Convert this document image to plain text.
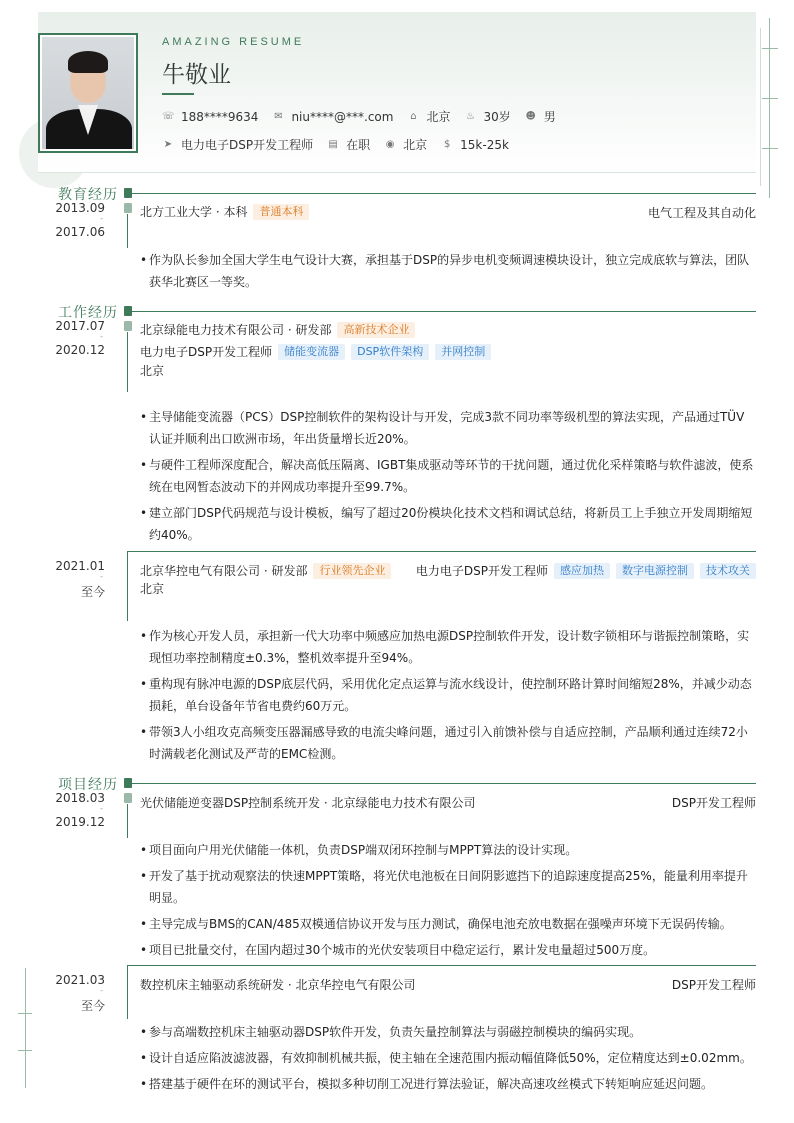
AMAZING RESUME
牛敬业
☏ 188****9634 ✉ niu****@***.com ⌂ 北京 ♨ 30岁 ☻ 男
➤ 电力电子DSP开发工程师 ▤ 在职 ◉ 北京 $ 15k-25k
教育经历
2013.09
-
2017.06
北方工业大学 · 本科	普通本科	电气工程及其自动化
• 作为队长参加全国大学生电气设计大赛，承担基于DSP的异步电机变频调速模块设计，独立完成底软与算法，团队获华北赛区一等奖。
工作经历
2017.07
-
2020.12
北京绿能电力技术有限公司 · 研发部	高新技术企业
电力电子DSP开发工程师	储能变流器	DSP软件架构	并网控制
北京
• 主导储能变流器（PCS）DSP控制软件的架构设计与开发，完成3款不同功率等级机型的算法实现，产品通过TÜV认证并顺利出口欧洲市场，年出货量增长近20%。
• 与硬件工程师深度配合，解决高低压隔离、IGBT集成驱动等环节的干扰问题，通过优化采样策略与软件滤波，使系统在电网暂态波动下的并网成功率提升至99.7%。
• 建立部门DSP代码规范与设计模板，编写了超过20份模块化技术文档和调试总结，将新员工上手独立开发周期缩短约40%。
2021.01
-
至今
北京华控电气有限公司 · 研发部	行业领先企业	电力电子DSP开发工程师	感应加热	数字电源控制	技术攻关
北京
• 作为核心开发人员，承担新一代大功率中频感应加热电源DSP控制软件开发，设计数字锁相环与谐振控制策略，实现恒功率控制精度±0.3%，整机效率提升至94%。
• 重构现有脉冲电源的DSP底层代码，采用优化定点运算与流水线设计，使控制环路计算时间缩短28%，并减少动态损耗，单台设备年节省电费约60万元。
• 带领3人小组攻克高频变压器漏感导致的电流尖峰问题，通过引入前馈补偿与自适应控制，产品顺利通过连续72小时满载老化测试及严苛的EMC检测。
项目经历
2018.03
-
2019.12
光伏储能逆变器DSP控制系统开发 · 北京绿能电力技术有限公司	DSP开发工程师
• 项目面向户用光伏储能一体机，负责DSP端双闭环控制与MPPT算法的设计实现。
• 开发了基于扰动观察法的快速MPPT策略，将光伏电池板在日间阴影遮挡下的追踪速度提高25%，能量利用率提升明显。
• 主导完成与BMS的CAN/485双模通信协议开发与压力测试，确保电池充放电数据在强噪声环境下无误码传输。
• 项目已批量交付，在国内超过30个城市的光伏安装项目中稳定运行，累计发电量超过500万度。
2021.03
-
至今
数控机床主轴驱动系统研发 · 北京华控电气有限公司	DSP开发工程师
• 参与高端数控机床主轴驱动器DSP软件开发，负责矢量控制算法与弱磁控制模块的编码实现。
• 设计自适应陷波滤波器，有效抑制机械共振，使主轴在全速范围内振动幅值降低50%，定位精度达到±0.02mm。
• 搭建基于硬件在环的测试平台，模拟多种切削工况进行算法验证，解决高速攻丝模式下转矩响应延迟问题。
